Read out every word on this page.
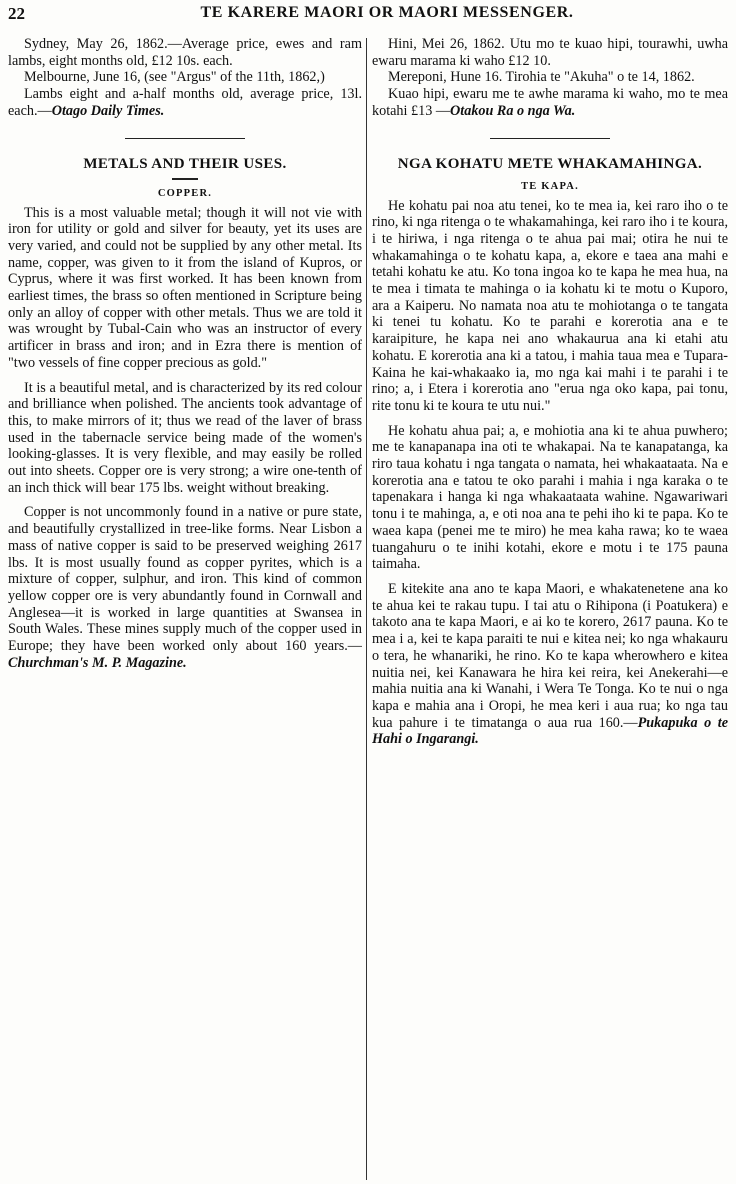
22	TE KARERE MAORI OR MAORI MESSENGER.

Sydney, May 26, 1862.—Average price, ewes and ram lambs, eight months old, £12 10s. each.

Melbourne, June 16, (see "Argus" of the 11th, 1862,)

Lambs eight and a-half months old, average price, 13l. each.—Otago Daily Times.

METALS AND THEIR USES.
COPPER.

This is a most valuable metal; though it will not vie with iron for utility or gold and silver for beauty, yet its uses are very varied, and could not be supplied by any other metal. Its name, copper, was given to it from the island of Kupros, or Cyprus, where it was first worked. It has been known from earliest times, the brass so often mentioned in Scripture being only an alloy of copper with other metals. Thus we are told it was wrought by Tubal-Cain who was an instructor of every artificer in brass and iron; and in Ezra there is mention of "two vessels of fine copper precious as gold."

It is a beautiful metal, and is characterized by its red colour and brilliance when polished. The ancients took advantage of this, to make mirrors of it; thus we read of the laver of brass used in the tabernacle service being made of the women's looking-glasses. It is very flexible, and may easily be rolled out into sheets. Copper ore is very strong; a wire one-tenth of an inch thick will bear 175 lbs. weight without breaking.

Copper is not uncommonly found in a native or pure state, and beautifully crystallized in tree-like forms. Near Lisbon a mass of native copper is said to be preserved weighing 2617 lbs. It is most usually found as copper pyrites, which is a mixture of copper, sulphur, and iron. This kind of common yellow copper ore is very abundantly found in Cornwall and Anglesea—it is worked in large quantities at Swansea in South Wales. These mines supply much of the copper used in Europe; they have been worked only about 160 years.—Churchman's M. P. Magazine.

Hini, Mei 26, 1862. Utu mo te kuao hipi, tourawhi, uwha ewaru marama ki waho £12 10.

Mereponi, Hune 16. Tirohia te "Akuha" o te 14, 1862.

Kuao hipi, ewaru me te awhe marama ki waho, mo te mea kotahi £13 —Otakou Ra o nga Wa.

NGA KOHATU METE WHAKAMAHINGA.
TE KAPA.

He kohatu pai noa atu tenei, ko te mea ia, kei raro iho o te rino, ki nga ritenga o te whakamahinga, kei raro iho i te koura, i te hiriwa, i nga ritenga o te ahua pai mai; otira he nui te whakamahinga o te kohatu kapa, a, ekore e taea ana mahi e tetahi kohatu ke atu. Ko tona ingoa ko te kapa he mea hua, na te mea i timata te mahinga o ia kohatu ki te motu o Kuporo, ara a Kaiperu. No namata noa atu te mohiotanga o te tangata ki tenei tu kohatu. Ko te parahi e korerotia ana e te karaipiture, he kapa nei ano whakaurua ana ki etahi atu kohatu. E korerotia ana ki a tatou, i mahia taua mea e Tupara-Kaina he kai-whakaako ia, mo nga kai mahi i te parahi i te rino; a, i Etera i korerotia ano "erua nga oko kapa, pai tonu, rite tonu ki te koura te utu nui."

He kohatu ahua pai; a, e mohiotia ana ki te ahua puwhero; me te kanapanapa ina oti te whakapai. Na te kanapatanga, ka riro taua kohatu i nga tangata o namata, hei whakaataata. Na e korerotia ana e tatou te oko parahi i mahia i nga karaka o te tapenakara i hanga ki nga whakaataata wahine. Ngawariwari tonu i te mahinga, a, e oti noa ana te pehi iho ki te papa. Ko te waea kapa (penei me te miro) he mea kaha rawa; ko te waea tuangahuru o te inihi kotahi, ekore e motu i te 175 pauna taimaha.

E kitekite ana ano te kapa Maori, e whakatenetene ana ko te ahua kei te rakau tupu. I tai atu o Rihipona (i Poatukera) e takoto ana te kapa Maori, e ai ko te korero, 2617 pauna. Ko te mea i a, kei te kapa paraiti te nui e kitea nei; ko nga whakauru o tera, he whanariki, he rino. Ko te kapa wherowhero e kitea nuitia nei, kei Kanawara he hira kei reira, kei Anekerahi—e mahia nuitia ana ki Wanahi, i Wera Te Tonga. Ko te nui o nga kapa e mahia ana i Oropi, he mea keri i aua rua; ko nga tau kua pahure i te timatanga o aua rua 160.—Pukapuka o te Hahi o Ingarangi.
